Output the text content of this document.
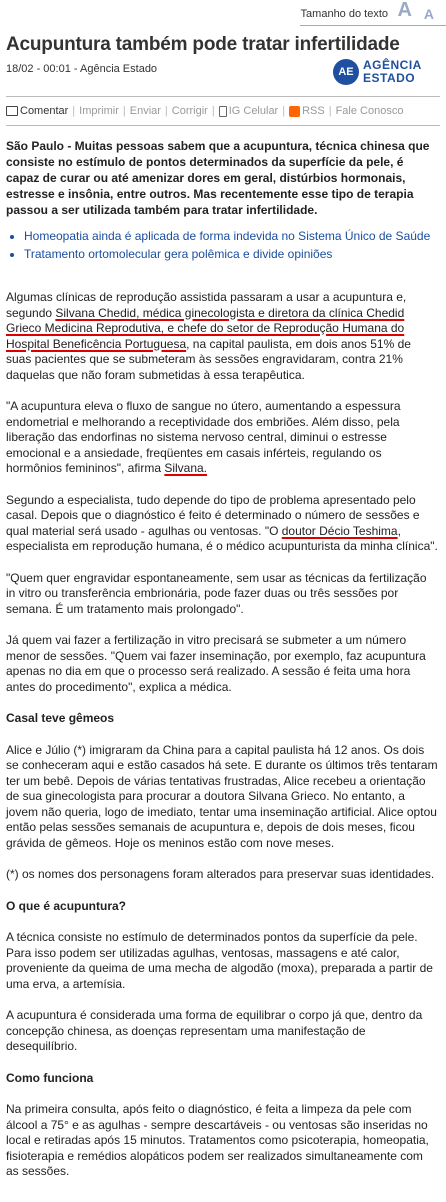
Tamanho do texto A A
Acupuntura também pode tratar infertilidade
18/02 - 00:01 - Agência Estado	AE AGÊNCIA
ESTADO
Comentar | Imprimir | Enviar | Corrigir | IG Celular | RSS | Fale Conosco

São Paulo - Muitas pessoas sabem que a acupuntura, técnica chinesa que consiste no estímulo de pontos determinados da superfície da pele, é capaz de curar ou até amenizar dores em geral, distúrbios hormonais, estresse e insônia, entre outros. Mas recentemente esse tipo de terapia passou a ser utilizada também para tratar infertilidade.

• Homeopatia ainda é aplicada de forma indevida no Sistema Único de Saúde
• Tratamento ortomolecular gera polêmica e divide opiniões

Algumas clínicas de reprodução assistida passaram a usar a acupuntura e, segundo Silvana Chedid, médica ginecologista e diretora da clínica Chedid Grieco Medicina Reprodutiva, e chefe do setor de Reprodução Humana do Hospital Beneficência Portuguesa, na capital paulista, em dois anos 51% de suas pacientes que se submeteram às sessões engravidaram, contra 21% daquelas que não foram submetidas à essa terapêutica.

"A acupuntura eleva o fluxo de sangue no útero, aumentando a espessura endometrial e melhorando a receptividade dos embriões. Além disso, pela liberação das endorfinas no sistema nervoso central, diminui o estresse emocional e a ansiedade, freqüentes em casais inférteis, regulando os hormônios femininos", afirma Silvana.

Segundo a especialista, tudo depende do tipo de problema apresentado pelo casal. Depois que o diagnóstico é feito é determinado o número de sessões e qual material será usado - agulhas ou ventosas. "O doutor Décio Teshima, especialista em reprodução humana, é o médico acupunturista da minha clínica".

"Quem quer engravidar espontaneamente, sem usar as técnicas da fertilização in vitro ou transferência embrionária, pode fazer duas ou três sessões por semana. É um tratamento mais prolongado".

Já quem vai fazer a fertilização in vitro precisará se submeter a um número menor de sessões. "Quem vai fazer inseminação, por exemplo, faz acupuntura apenas no dia em que o processo será realizado. A sessão é feita uma hora antes do procedimento", explica a médica.

Casal teve gêmeos

Alice e Júlio (*) imigraram da China para a capital paulista há 12 anos. Os dois se conheceram aqui e estão casados há sete. E durante os últimos três tentaram ter um bebê. Depois de várias tentativas frustradas, Alice recebeu a orientação de sua ginecologista para procurar a doutora Silvana Grieco. No entanto, a jovem não queria, logo de imediato, tentar uma inseminação artificial. Alice optou então pelas sessões semanais de acupuntura e, depois de dois meses, ficou grávida de gêmeos. Hoje os meninos estão com nove meses.

(*) os nomes dos personagens foram alterados para preservar suas identidades.

O que é acupuntura?

A técnica consiste no estímulo de determinados pontos da superfície da pele. Para isso podem ser utilizadas agulhas, ventosas, massagens e até calor, proveniente da queima de uma mecha de algodão (moxa), preparada a partir de uma erva, a artemísia.

A acupuntura é considerada uma forma de equilibrar o corpo já que, dentro da concepção chinesa, as doenças representam uma manifestação de desequilíbrio.

Como funciona

Na primeira consulta, após feito o diagnóstico, é feita a limpeza da pele com álcool a 75° e as agulhas - sempre descartáveis - ou ventosas são inseridas no local e retiradas após 15 minutos. Tratamentos como psicoterapia, homeopatia, fisioterapia e remédios alopáticos podem ser realizados simultaneamente com as sessões.
